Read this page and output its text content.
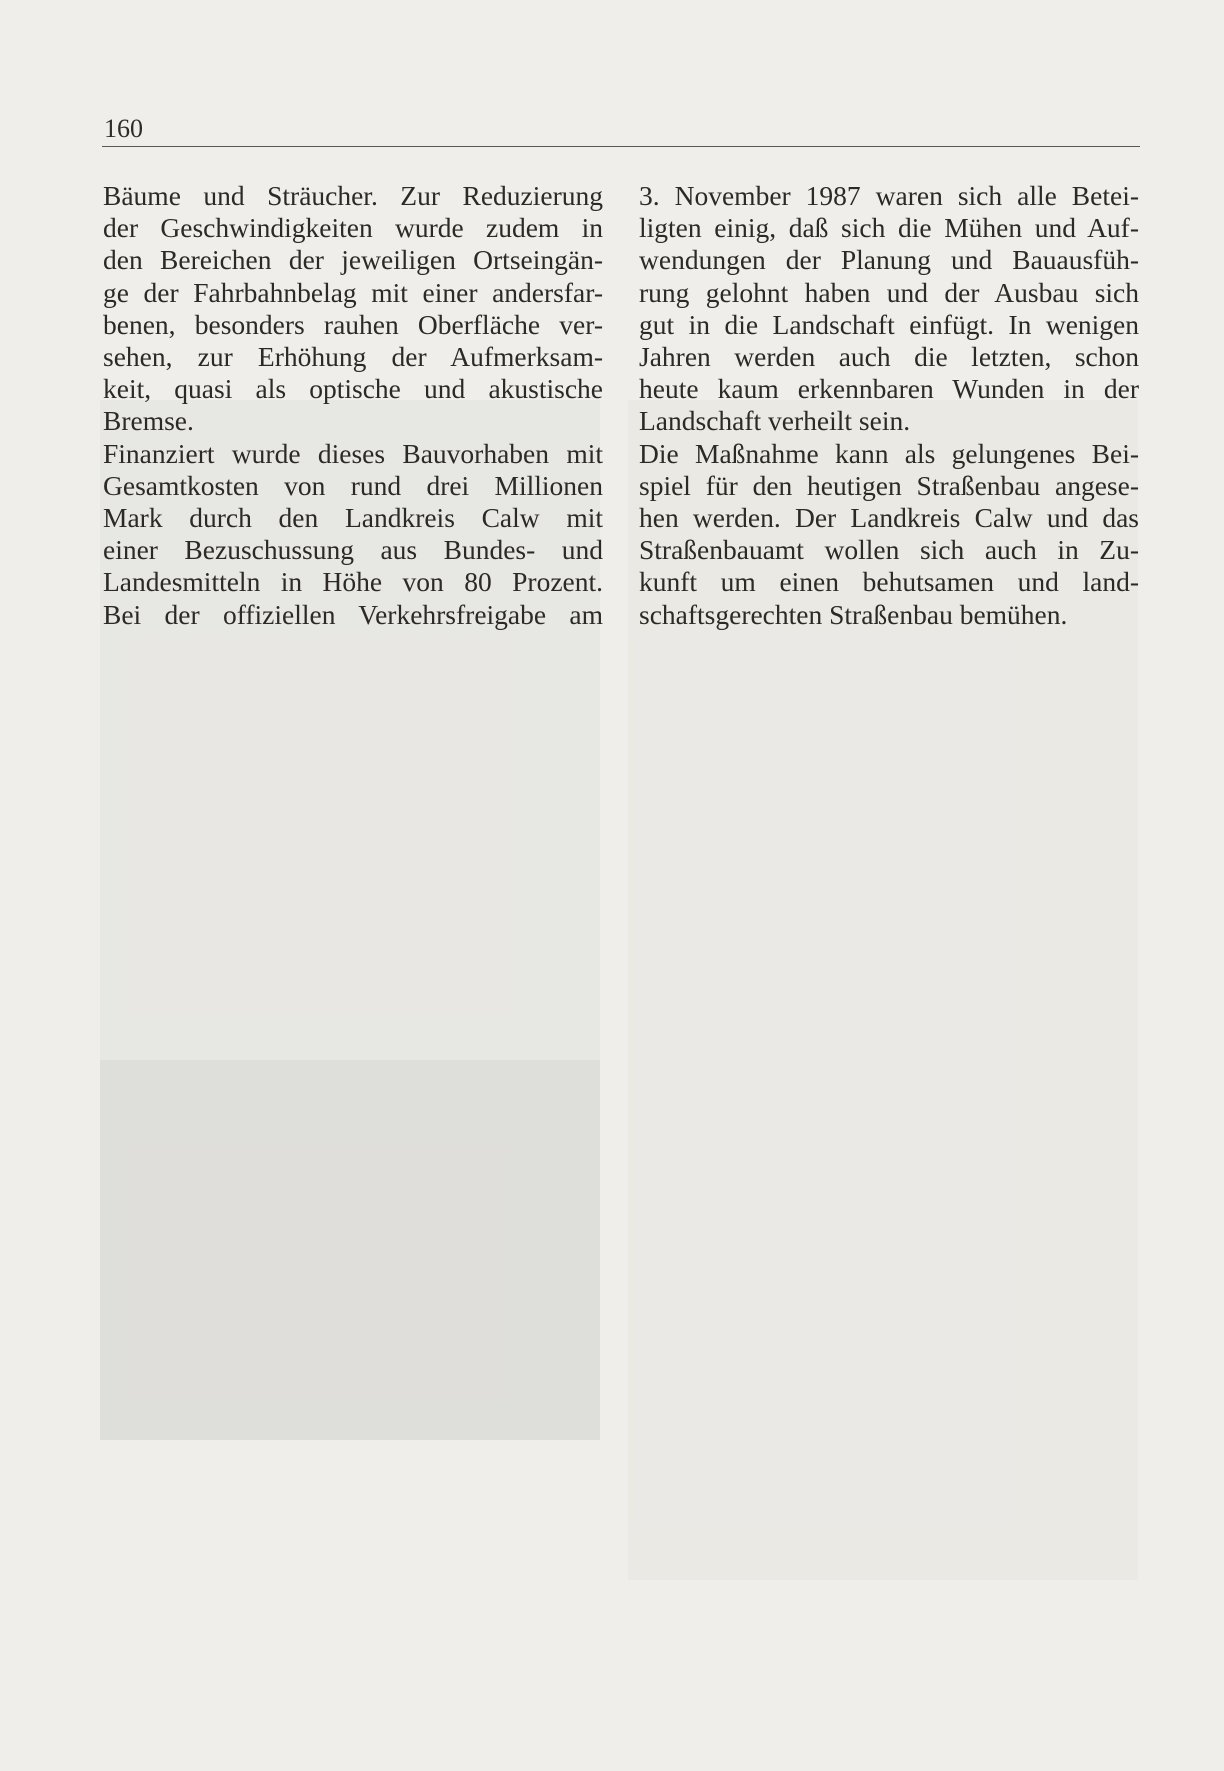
160

Bäume und Sträucher. Zur Reduzierung
der Geschwindigkeiten wurde zudem in
den Bereichen der jeweiligen Ortseingän-
ge der Fahrbahnbelag mit einer andersfar-
benen, besonders rauhen Oberfläche ver-
sehen, zur Erhöhung der Aufmerksam-
keit, quasi als optische und akustische
Bremse.

Finanziert wurde dieses Bauvorhaben mit
Gesamtkosten von rund drei Millionen
Mark durch den Landkreis Calw mit
einer Bezuschussung aus Bundes- und
Landesmitteln in Höhe von 80 Prozent.
Bei der offiziellen Verkehrsfreigabe am

3. November 1987 waren sich alle Betei-
ligten einig, daß sich die Mühen und Auf-
wendungen der Planung und Bauausfüh-
rung gelohnt haben und der Ausbau sich
gut in die Landschaft einfügt. In wenigen
Jahren werden auch die letzten, schon
heute kaum erkennbaren Wunden in der
Landschaft verheilt sein.

Die Maßnahme kann als gelungenes Bei-
spiel für den heutigen Straßenbau angese-
hen werden. Der Landkreis Calw und das
Straßenbauamt wollen sich auch in Zu-
kunft um einen behutsamen und land-
schaftsgerechten Straßenbau bemühen.
